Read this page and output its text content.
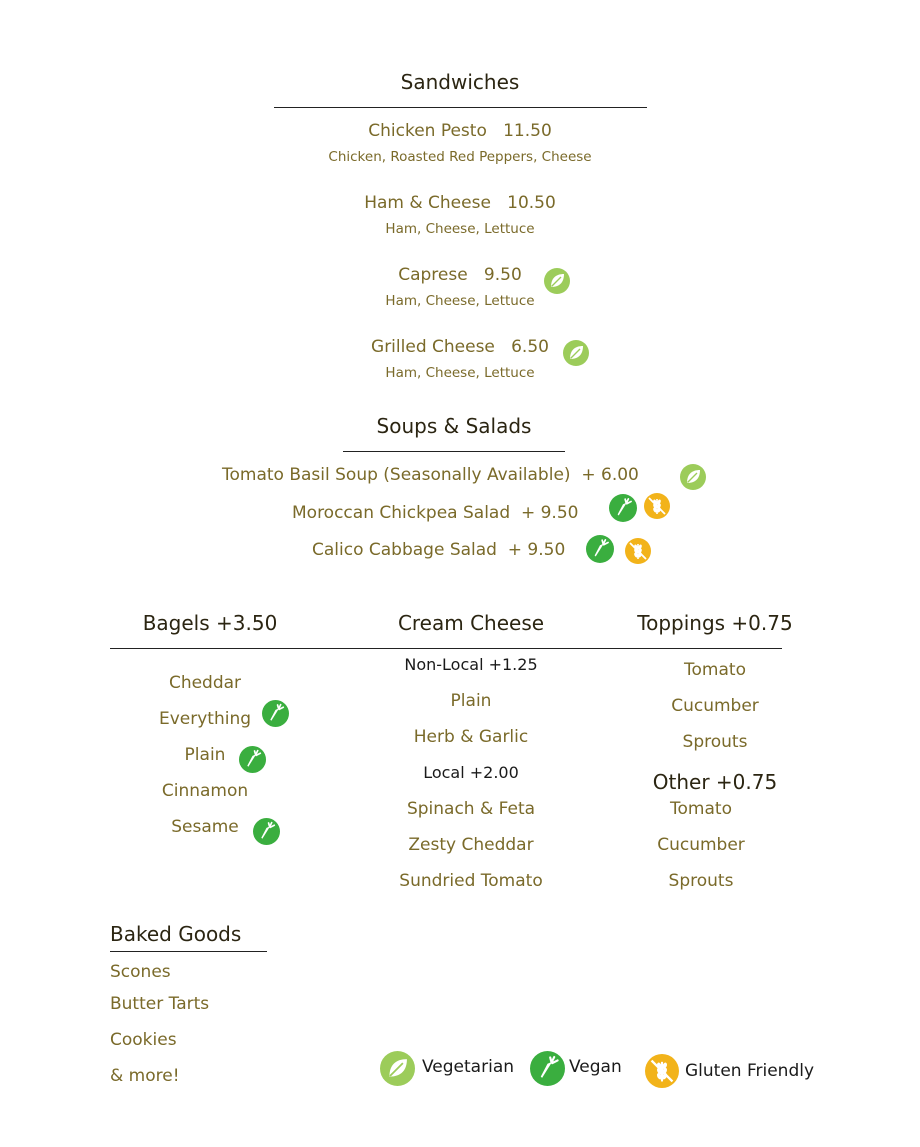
Sandwiches
Chicken Pesto 11.50
Chicken, Roasted Red Peppers, Cheese
Ham & Cheese 10.50
Ham, Cheese, Lettuce
Caprese 9.50
Ham, Cheese, Lettuce
Grilled Cheese 6.50
Ham, Cheese, Lettuce
Soups & Salads
Tomato Basil Soup (Seasonally Available) + 6.00
Moroccan Chickpea Salad + 9.50
Calico Cabbage Salad + 9.50
Bagels +3.50	Cream Cheese	Toppings +0.75
Cheddar
Everything
Plain
Cinnamon
Sesame
Non-Local +1.25
Plain
Herb & Garlic
Local +2.00
Spinach & Feta
Zesty Cheddar
Sundried Tomato
Tomato
Cucumber
Sprouts
Other +0.75
Tomato
Cucumber
Sprouts
Baked Goods
Scones
Butter Tarts
Cookies
& more!	Vegetarian	Vegan	Gluten Friendly
